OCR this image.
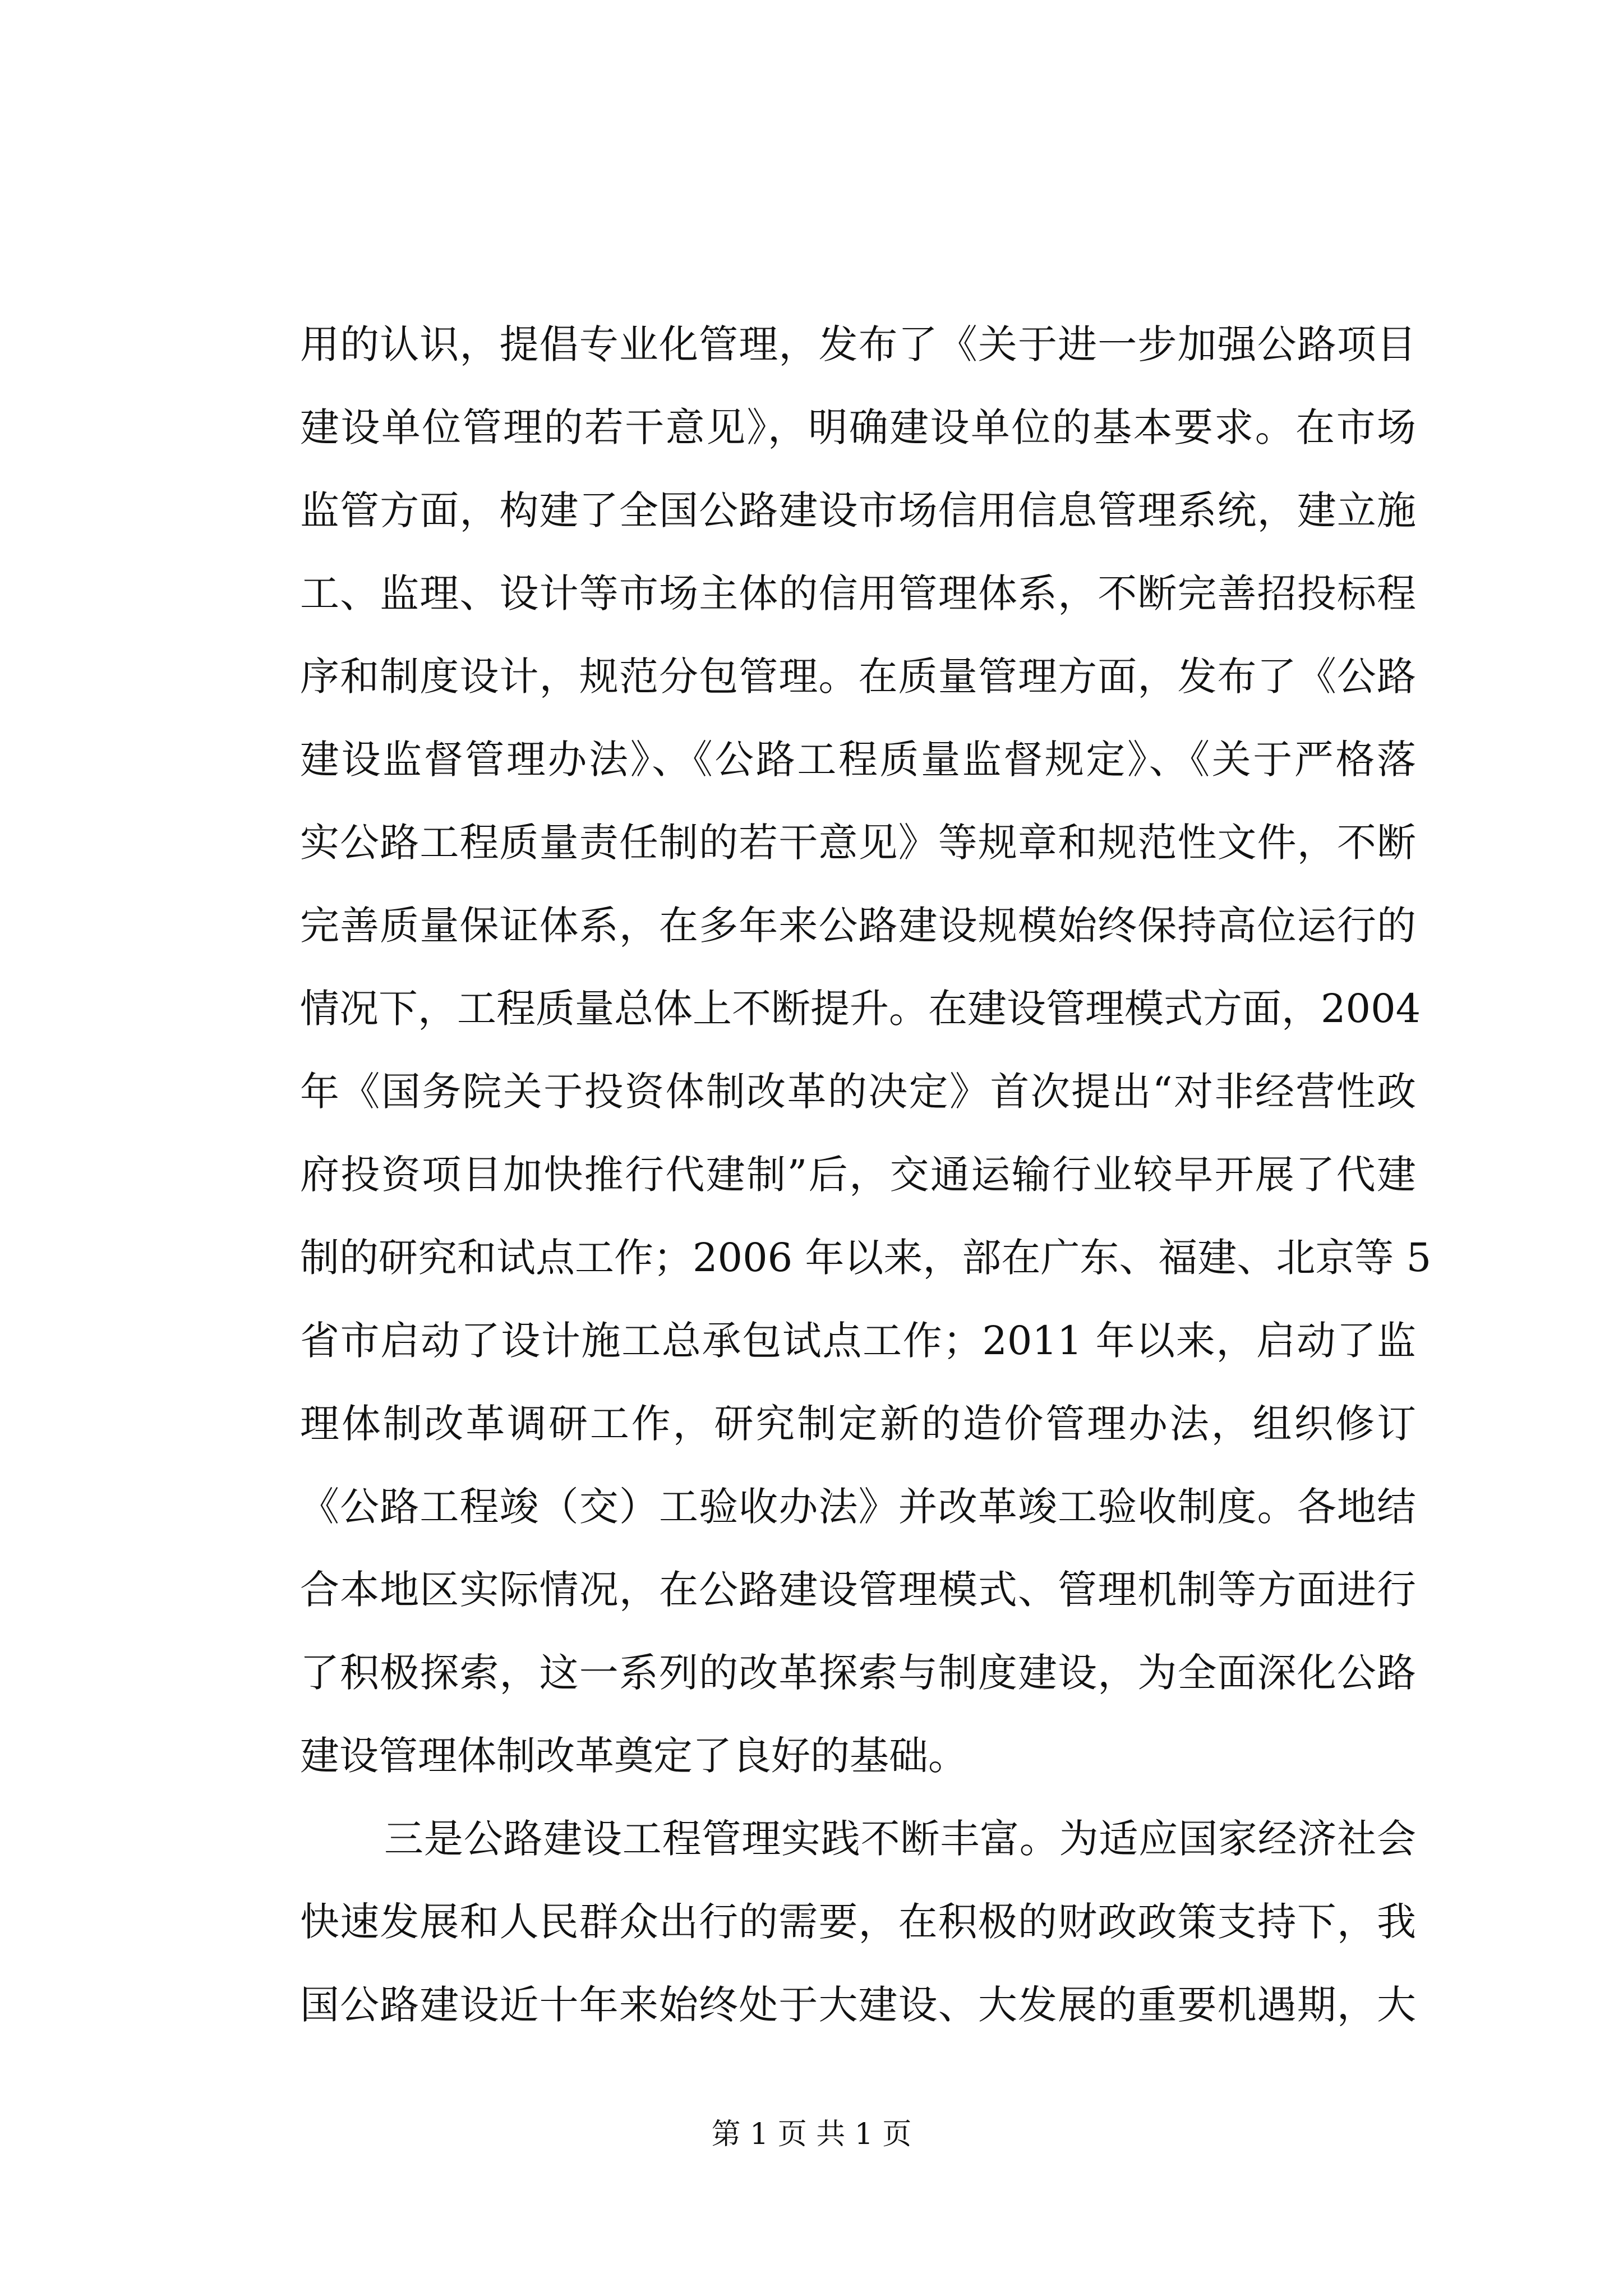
用的认识，提倡专业化管理，发布了《关于进一步加强公路项目
建设单位管理的若干意见》，明确建设单位的基本要求。在市场
监管方面，构建了全国公路建设市场信用信息管理系统，建立施
工、监理、设计等市场主体的信用管理体系，不断完善招投标程
序和制度设计，规范分包管理。在质量管理方面，发布了《公路
建设监督管理办法》、《公路工程质量监督规定》、《关于严格落
实公路工程质量责任制的若干意见》等规章和规范性文件，不断
完善质量保证体系，在多年来公路建设规模始终保持高位运行的
情况下，工程质量总体上不断提升。在建设管理模式方面，2004
年《国务院关于投资体制改革的决定》首次提出“对非经营性政
府投资项目加快推行代建制”后，交通运输行业较早开展了代建
制的研究和试点工作；2006 年以来，部在广东、福建、北京等 5
省市启动了设计施工总承包试点工作；2011 年以来，启动了监
理体制改革调研工作，研究制定新的造价管理办法，组织修订
《公路工程竣（交）工验收办法》并改革竣工验收制度。各地结
合本地区实际情况，在公路建设管理模式、管理机制等方面进行
了积极探索，这一系列的改革探索与制度建设，为全面深化公路
建设管理体制改革奠定了良好的基础。
三是公路建设工程管理实践不断丰富。为适应国家经济社会
快速发展和人民群众出行的需要，在积极的财政政策支持下，我
国公路建设近十年来始终处于大建设、大发展的重要机遇期，大
第 1 页 共 1 页
